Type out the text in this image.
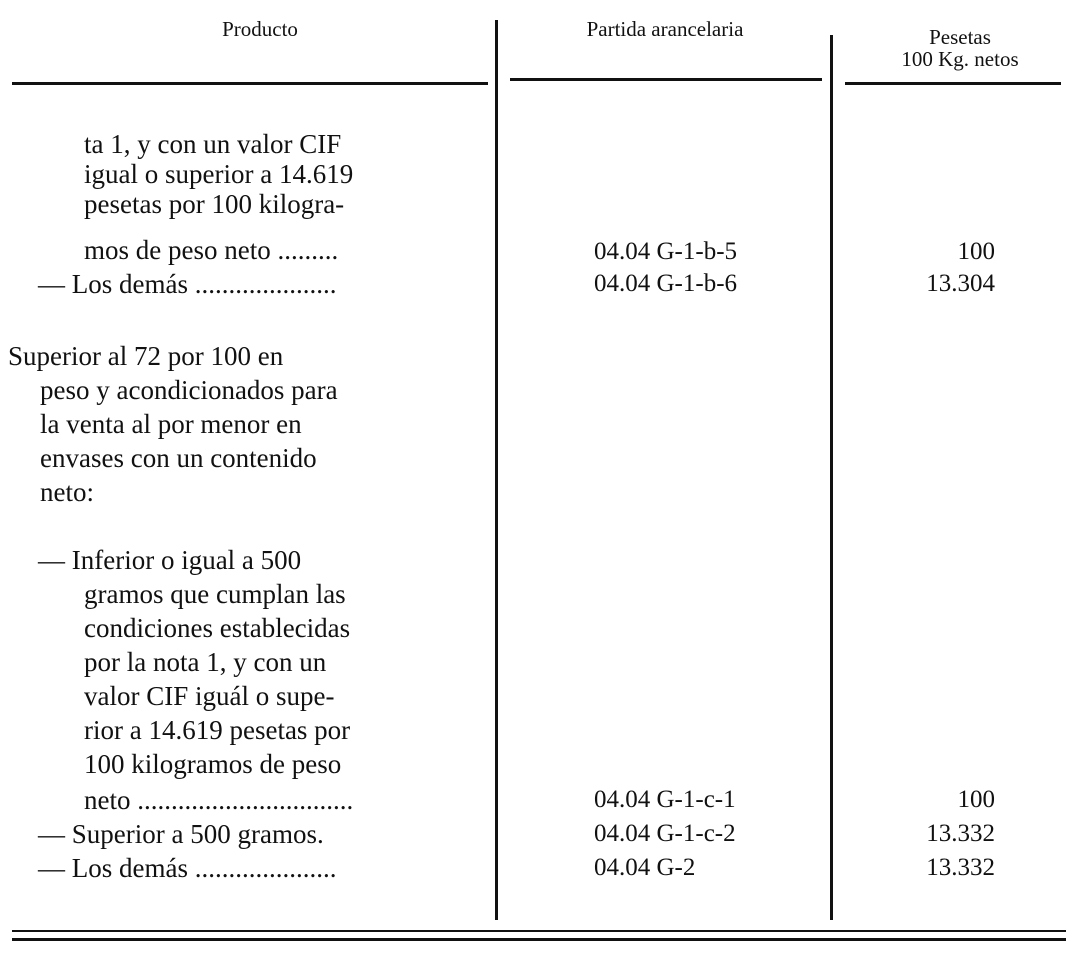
Producto	Partida arancelaria	Pesetas
100 Kg. netos
ta 1, y con un valor CIF
igual o superior a 14.619
pesetas por 100 kilogra-
mos de peso neto .........	04.04 G-1-b-5	100
— Los demás .....................	04.04 G-1-b-6	13.304
Superior al 72 por 100 en
peso y acondicionados para
la venta al por menor en
envases con un contenido
neto:
— Inferior o igual a 500
gramos que cumplan las
condiciones establecidas
por la nota 1, y con un
valor CIF iguál o supe-
rior a 14.619 pesetas por
100 kilogramos de peso
neto ................................	04.04 G-1-c-1	100
— Superior a 500 gramos.	04.04 G-1-c-2	13.332
— Los demás .....................	04.04 G-2	13.332
